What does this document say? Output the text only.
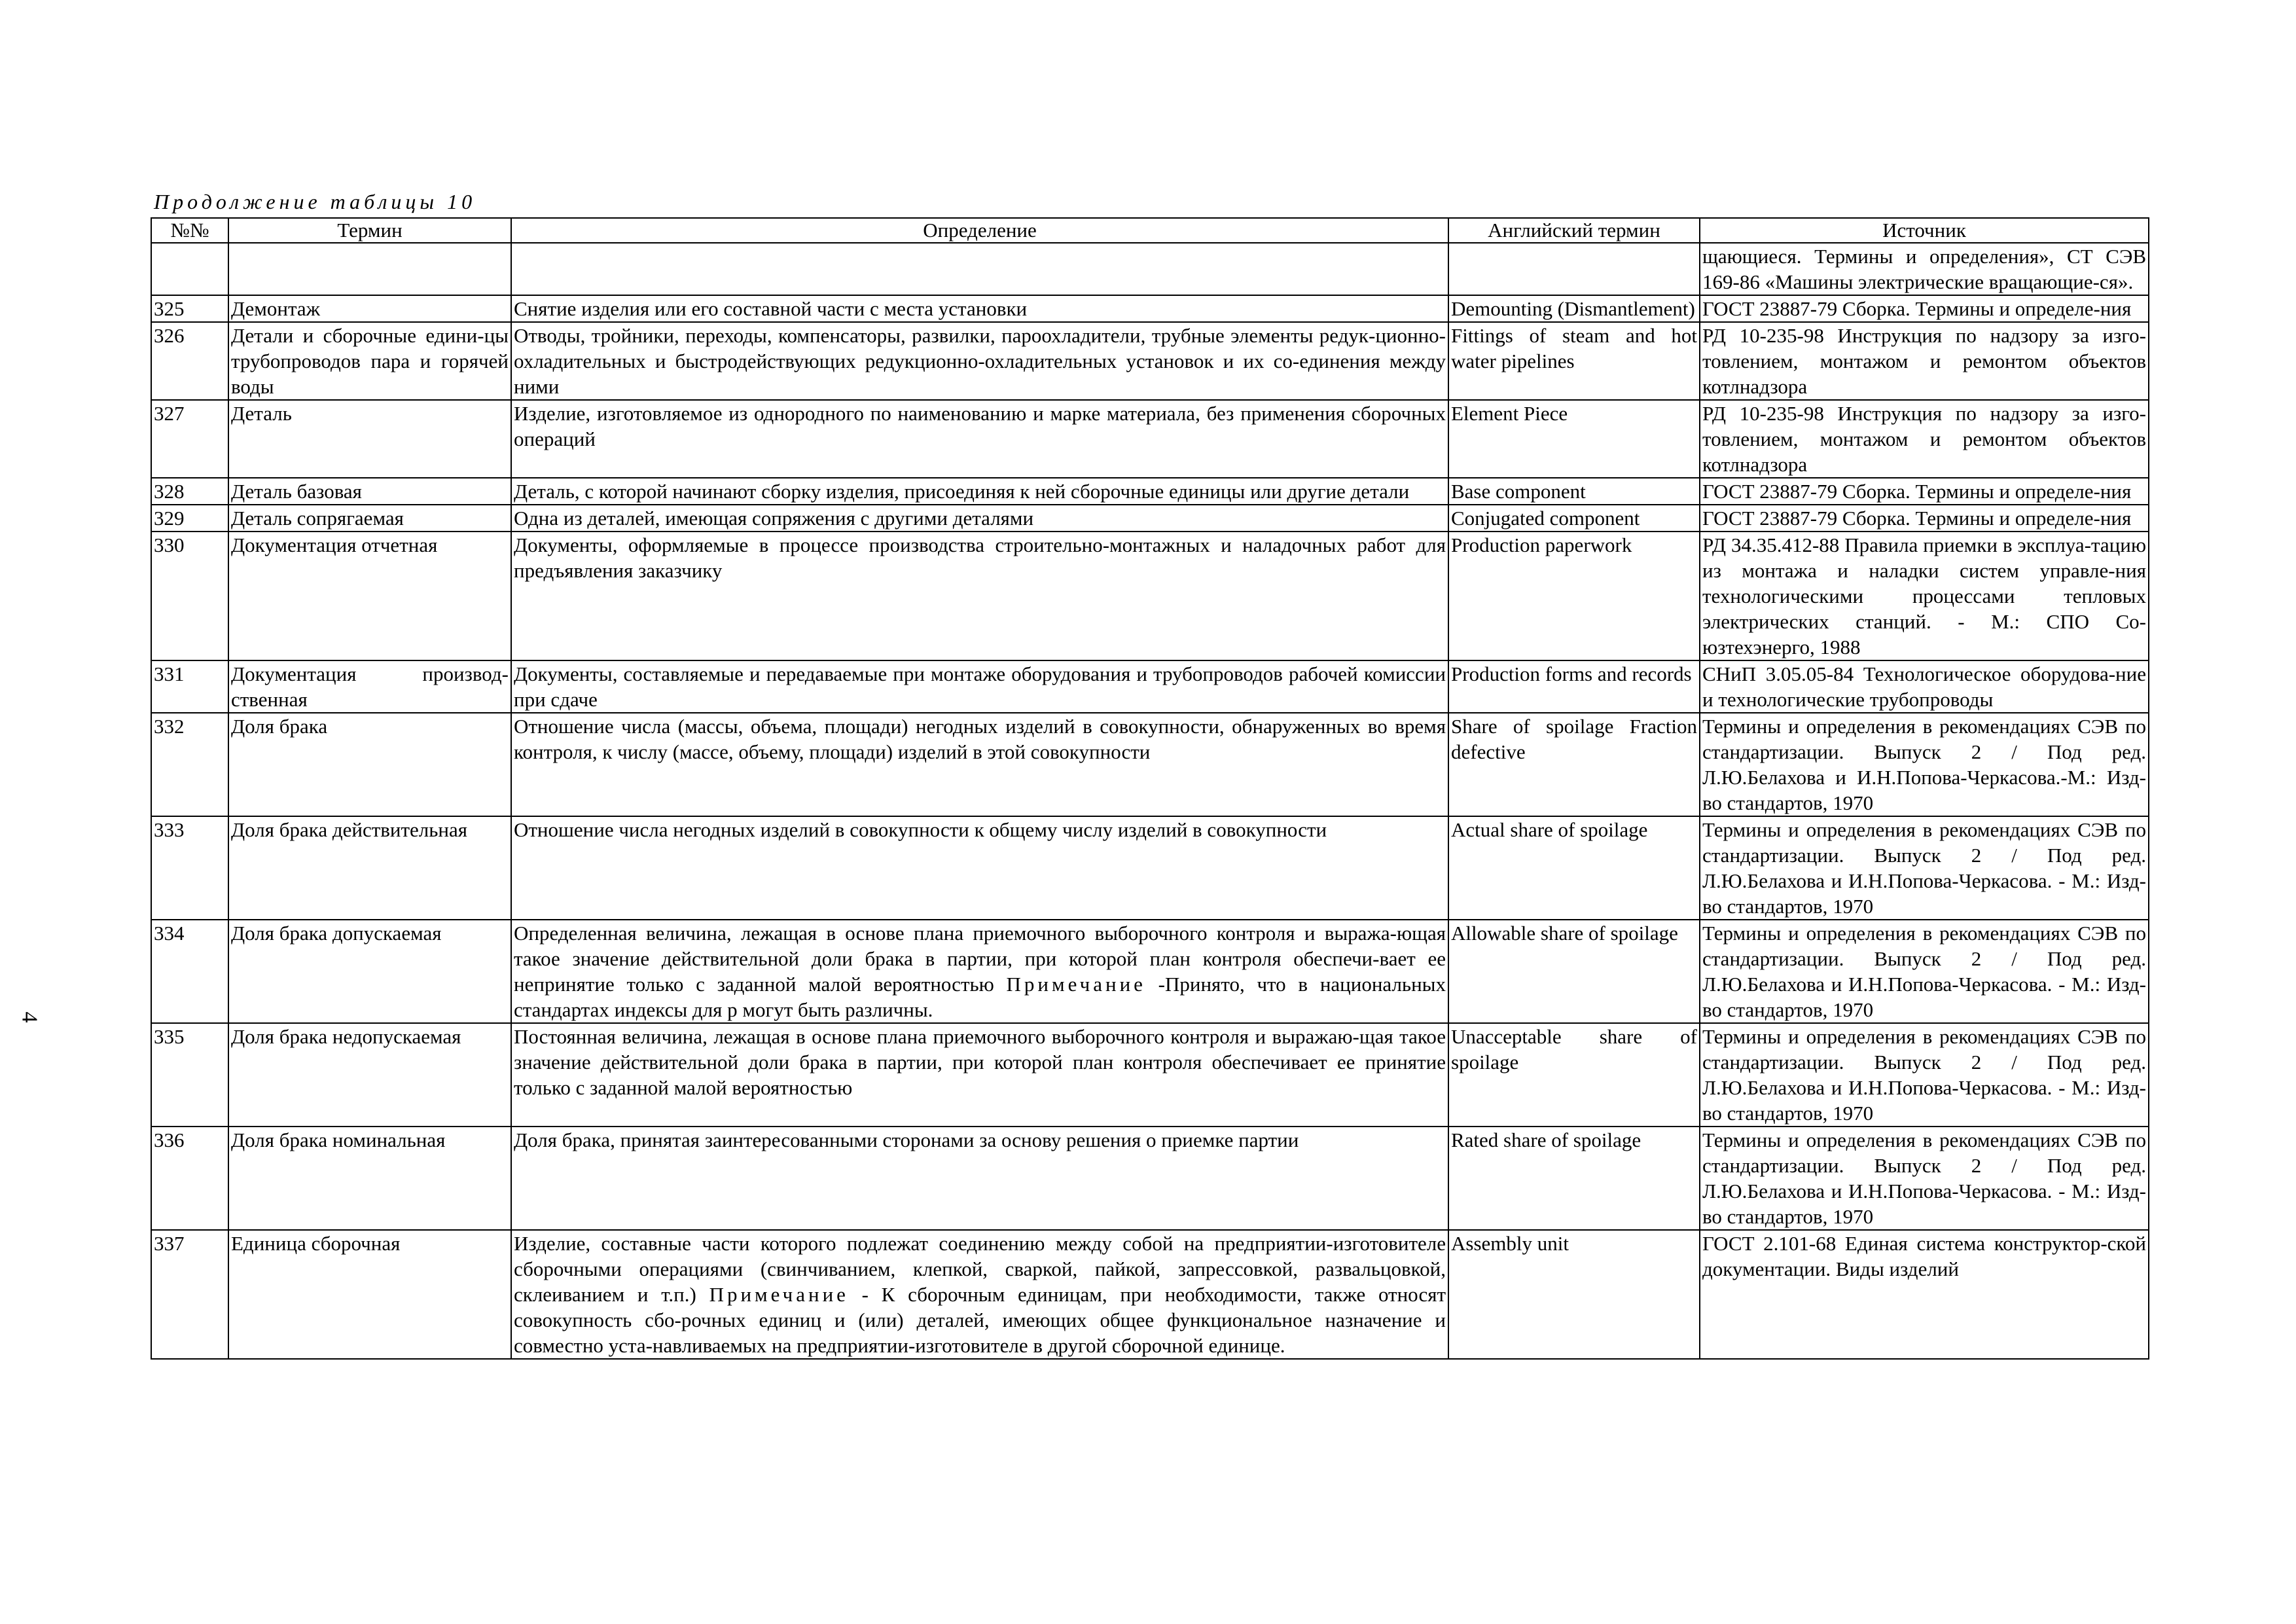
Продолжение таблицы 10
4
№№	Термин	Определение	Английский термин	Источник
				щающиеся. Термины и определения», СТ СЭВ 169-86 «Машины электрические вращающие-ся».
325	Демонтаж	Снятие изделия или его составной части с места установки	Demounting (Dismantlement)	ГОСТ 23887-79 Сборка. Термины и определе-ния
326	Детали и сборочные едини-цы трубопроводов пара и горячей воды	Отводы, тройники, переходы, компенсаторы, развилки, пароохладители, трубные элементы редук-ционно-охладительных и быстродействующих редукционно-охладительных установок и их со-единения между ними	Fittings of steam and hot water pipelines	РД 10-235-98 Инструкция по надзору за изго-товлением, монтажом и ремонтом объектов котлнадзора
327	Деталь	Изделие, изготовляемое из однородного по наименованию и марке материала, без применения сборочных операций	Element Piece	РД 10-235-98 Инструкция по надзору за изго-товлением, монтажом и ремонтом объектов котлнадзора
328	Деталь базовая	Деталь, с которой начинают сборку изделия, присоединяя к ней сборочные единицы или другие детали	Base component	ГОСТ 23887-79 Сборка. Термины и определе-ния
329	Деталь сопрягаемая	Одна из деталей, имеющая сопряжения с другими деталями	Conjugated component	ГОСТ 23887-79 Сборка. Термины и определе-ния
330	Документация отчетная	Документы, оформляемые в процессе производства строительно-монтажных и наладочных работ для предъявления заказчику	Production paperwork	РД 34.35.412-88 Правила приемки в эксплуа-тацию из монтажа и наладки систем управле-ния технологическими процессами тепловых электрических станций. - М.: СПО Со-юзтехэнерго, 1988
331	Документация производ-ственная	Документы, составляемые и передаваемые при монтаже оборудования и трубопроводов рабочей комиссии при сдаче	Production forms and records	СНиП 3.05.05-84 Технологическое оборудова-ние и технологические трубопроводы
332	Доля брака	Отношение числа (массы, объема, площади) негодных изделий в совокупности, обнаруженных во время контроля, к числу (массе, объему, площади) изделий в этой совокупности	Share of spoilage Fraction defective	Термины и определения в рекомендациях СЭВ по стандартизации. Выпуск 2 / Под ред. Л.Ю.Белахова и И.Н.Попова-Черкасова.-М.: Изд-во стандартов, 1970
333	Доля брака действительная	Отношение числа негодных изделий в совокупности к общему числу изделий в совокупности	Actual share of spoilage	Термины и определения в рекомендациях СЭВ по стандартизации. Выпуск 2 / Под ред. Л.Ю.Белахова и И.Н.Попова-Черкасова. - М.: Изд-во стандартов, 1970
334	Доля брака допускаемая	Определенная величина, лежащая в основе плана приемочного выборочного контроля и выража-ющая такое значение действительной доли брака в партии, при которой план контроля обеспечи-вает ее непринятие только с заданной малой вероятностью Примечание -Принято, что в национальных стандартах индексы для р могут быть различны.	Allowable share of spoilage	Термины и определения в рекомендациях СЭВ по стандартизации. Выпуск 2 / Под ред. Л.Ю.Белахова и И.Н.Попова-Черкасова. - М.: Изд-во стандартов, 1970
335	Доля брака недопускаемая	Постоянная величина, лежащая в основе плана приемочного выборочного контроля и выражаю-щая такое значение действительной доли брака в партии, при которой план контроля обеспечивает ее принятие только с заданной малой вероятностью	Unacceptable share of spoilage	Термины и определения в рекомендациях СЭВ по стандартизации. Выпуск 2 / Под ред. Л.Ю.Белахова и И.Н.Попова-Черкасова. - М.: Изд-во стандартов, 1970
336	Доля брака номинальная	Доля брака, принятая заинтересованными сторонами за основу решения о приемке партии	Rated share of spoilage	Термины и определения в рекомендациях СЭВ по стандартизации. Выпуск 2 / Под ред. Л.Ю.Белахова и И.Н.Попова-Черкасова. - М.: Изд-во стандартов, 1970
337	Единица сборочная	Изделие, составные части которого подлежат соединению между собой на предприятии-изготовителе сборочными операциями (свинчиванием, клепкой, сваркой, пайкой, запрессовкой, развальцовкой, склеиванием и т.п.) Примечание - К сборочным единицам, при необходимости, также относят совокупность сбо-рочных единиц и (или) деталей, имеющих общее функциональное назначение и совместно уста-навливаемых на предприятии-изготовителе в другой сборочной единице.	Assembly unit	ГОСТ 2.101-68 Единая система конструктор-ской документации. Виды изделий
